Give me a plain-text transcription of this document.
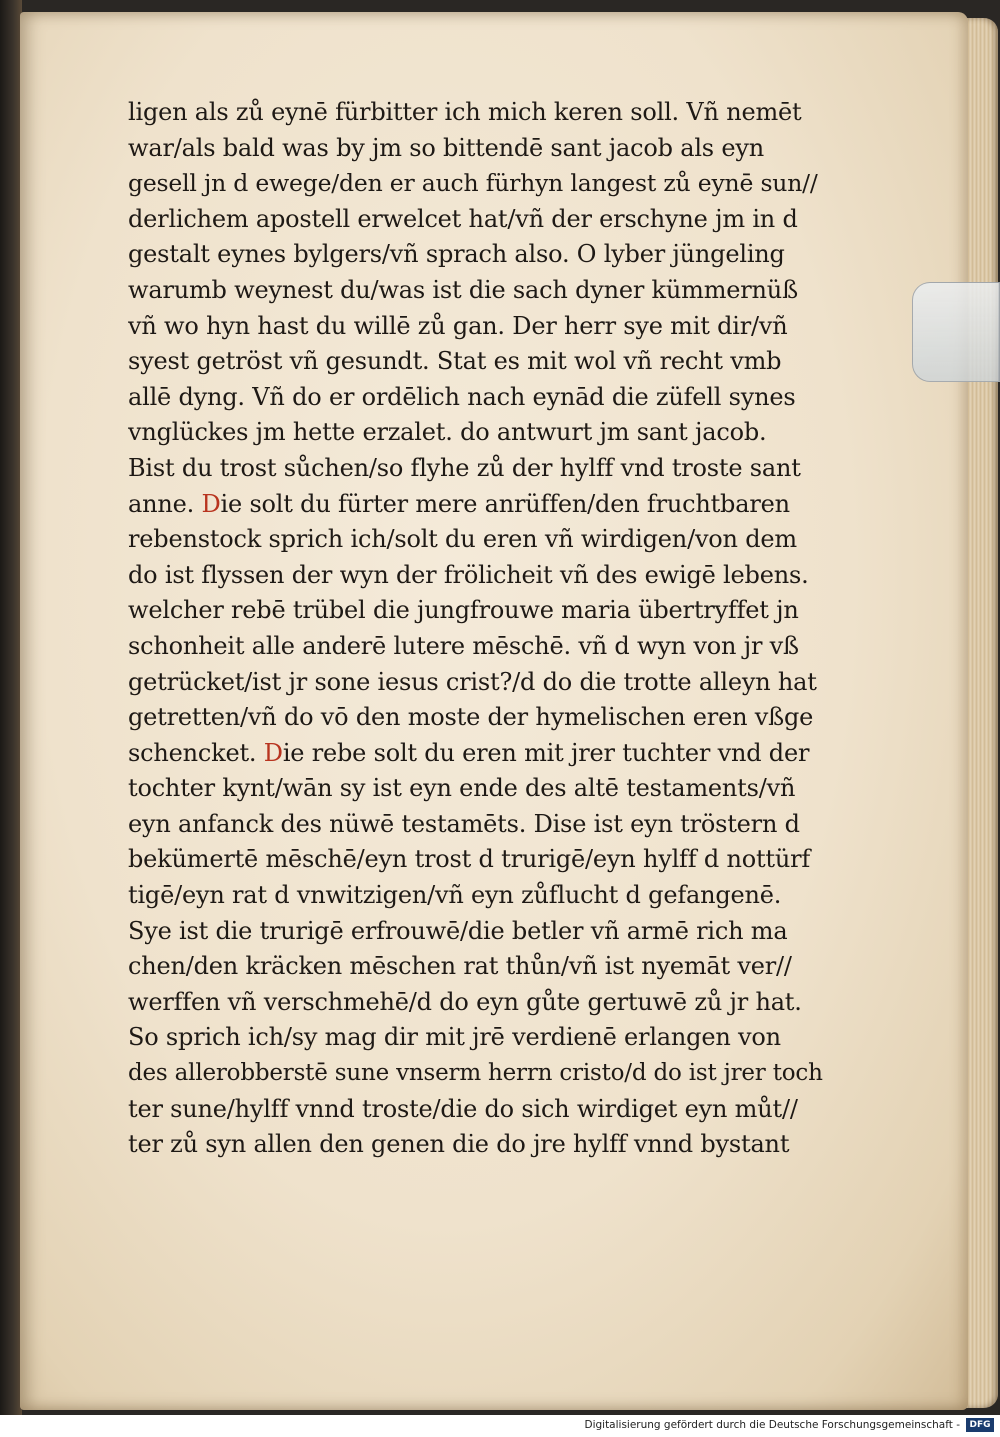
ligen als zů eynē fürbitter ich mich keren soll. Vñ nemēt
war/als bald was by jm so bittendē sant jacob als eyn
gesell jn d ewege/den er auch fürhyn langest zů eynē sun//
derlichem apostell erwelcet hat/vñ der erschyne jm in d
gestalt eynes bylgers/vñ sprach also. O lyber jüngeling
warumb weynest du/was ist die sach dyner kümmernüß
vñ wo hyn hast du willē zů gan. Der herr sye mit dir/vñ
syest getröst vñ gesundt. Stat es mit wol vñ recht vmb
allē dyng. Vñ do er ordēlich nach eynād die züfell synes
vnglückes jm hette erzalet. do antwurt jm sant jacob.
Bist du trost sůchen/so flyhe zů der hylff vnd troste sant
anne. Die solt du fürter mere anrüffen/den fruchtbaren
rebenstock sprich ich/solt du eren vñ wirdigen/von dem
do ist flyssen der wyn der frölicheit vñ des ewigē lebens.
welcher rebē trübel die jungfrouwe maria übertryffet jn
schonheit alle anderē lutere mēschē. vñ d wyn von jr vß
getrücket/ist jr sone iesus crist?/d do die trotte alleyn hat
getretten/vñ do vō den moste der hymelischen eren vßge
schencket. Die rebe solt du eren mit jrer tuchter vnd der
tochter kynt/wān sy ist eyn ende des altē testaments/vñ
eyn anfanck des nüwē testamēts. Dise ist eyn tröstern d
bekümertē mēschē/eyn trost d trurigē/eyn hylff d nottürf
tigē/eyn rat d vnwitzigen/vñ eyn zůflucht d gefangenē.
Sye ist die trurigē erfrouwē/die betler vñ armē rich ma
chen/den kräcken mēschen rat thůn/vñ ist nyemāt ver//
werffen vñ verschmehē/d do eyn gůte gertuwē zů jr hat.
So sprich ich/sy mag dir mit jrē verdienē erlangen von
des allerobberstē sune vnserm herrn cristo/d do ist jrer toch
ter sune/hylff vnnd troste/die do sich wirdiget eyn můt//
ter zů syn allen den genen die do jre hylff vnnd bystant
Digitalisierung gefördert durch die Deutsche Forschungsgemeinschaft -	DFG
